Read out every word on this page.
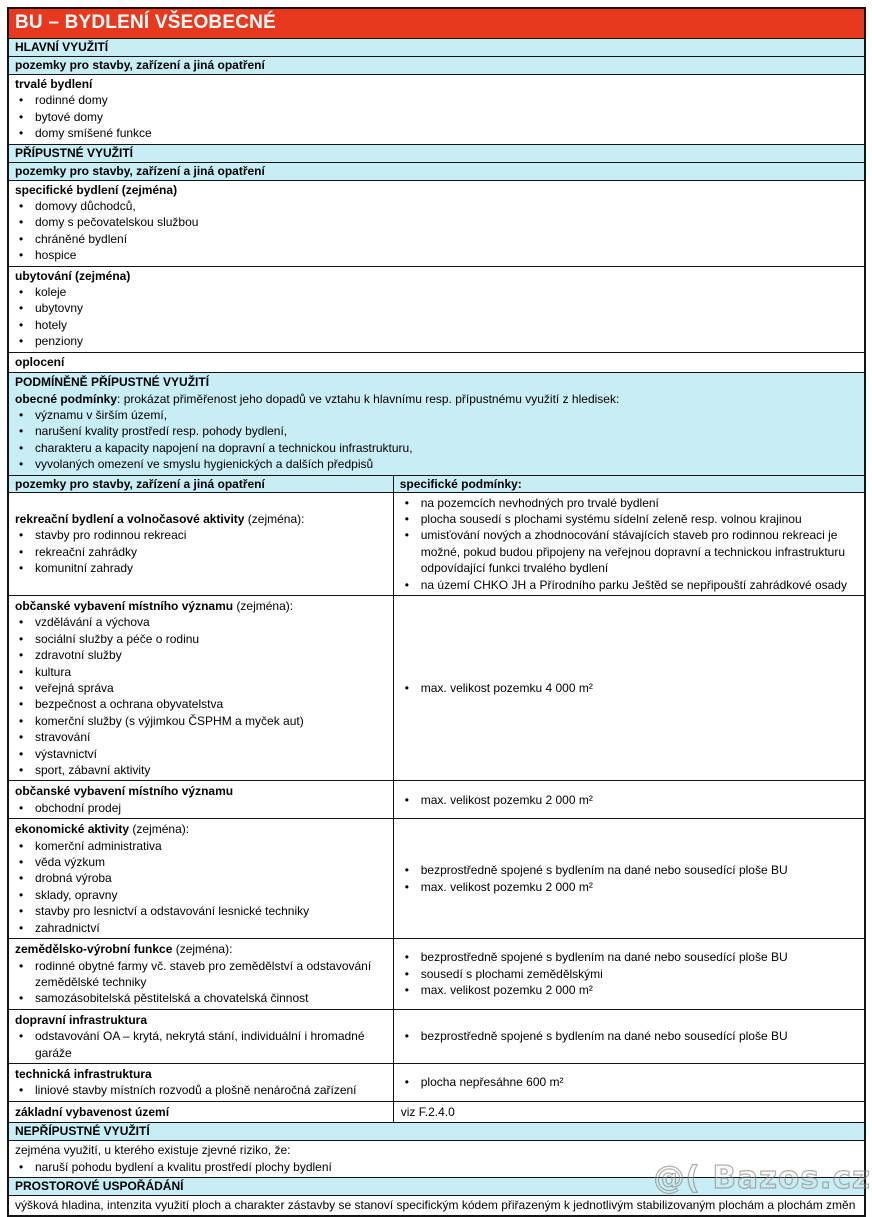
BU – BYDLENÍ VŠEOBECNÉ
HLAVNÍ VYUŽITÍ
pozemky pro stavby, zařízení a jiná opatření
trvalé bydlení
• rodinné domy
• bytové domy
• domy smíšené funkce
PŘÍPUSTNÉ VYUŽITÍ
pozemky pro stavby, zařízení a jiná opatření
specifické bydlení (zejména)
• domovy důchodců,
• domy s pečovatelskou službou
• chráněné bydlení
• hospice
ubytování (zejména)
• koleje
• ubytovny
• hotely
• penziony
oplocení
PODMÍNĚNĚ PŘÍPUSTNÉ VYUŽITÍ
obecné podmínky: prokázat přiměřenost jeho dopadů ve vztahu k hlavnímu resp. přípustnému využití z hledisek:
• významu v širším území,
• narušení kvality prostředí resp. pohody bydlení,
• charakteru a kapacity napojení na dopravní a technickou infrastrukturu,
• vyvolaných omezení ve smyslu hygienických a dalších předpisů
pozemky pro stavby, zařízení a jiná opatření	specifické podmínky:
rekreační bydlení a volnočasové aktivity (zejména):
• stavby pro rodinnou rekreaci
• rekreační zahrádky
• komunitní zahrady
• na pozemcích nevhodných pro trvalé bydlení
• plocha sousedí s plochami systému sídelní zeleně resp. volnou krajinou
• umisťování nových a zhodnocování stávajících staveb pro rodinnou rekreaci je možné, pokud budou připojeny na veřejnou dopravní a technickou infrastrukturu odpovídající funkci trvalého bydlení
• na území CHKO JH a Přírodního parku Ještěd se nepřipouští zahrádkové osady
občanské vybavení místního významu (zejména):
• vzdělávání a výchova
• sociální služby a péče o rodinu
• zdravotní služby
• kultura
• veřejná správa
• bezpečnost a ochrana obyvatelstva
• komerční služby (s výjimkou ČSPHM a myček aut)
• stravování
• výstavnictví
• sport, zábavní aktivity
• max. velikost pozemku 4 000 m²
občanské vybavení místního významu
• obchodní prodej
• max. velikost pozemku 2 000 m²
ekonomické aktivity (zejména):
• komerční administrativa
• věda výzkum
• drobná výroba
• sklady, opravny
• stavby pro lesnictví a odstavování lesnické techniky
• zahradnictví
• bezprostředně spojené s bydlením na dané nebo sousedící ploše BU
• max. velikost pozemku 2 000 m²
zemědělsko-výrobní funkce (zejména):
• rodinné obytné farmy vč. staveb pro zemědělství a odstavování zemědělské techniky
• samozásobitelská pěstitelská a chovatelská činnost
• bezprostředně spojené s bydlením na dané nebo sousedící ploše BU
• sousedí s plochami zemědělskými
• max. velikost pozemku 2 000 m²
dopravní infrastruktura
• odstavování OA – krytá, nekrytá stání, individuální i hromadné garáže
• bezprostředně spojené s bydlením na dané nebo sousedící ploše BU
technická infrastruktura
• liniové stavby místních rozvodů a plošně nenáročná zařízení
• plocha nepřesáhne 600 m²
základní vybavenost území	viz F.2.4.0
NEPŘÍPUSTNÉ VYUŽITÍ
zejména využití, u kterého existuje zjevné riziko, že:
• naruší pohodu bydlení a kvalitu prostředí plochy bydlení
PROSTOROVÉ USPOŘÁDÁNÍ
výšková hladina, intenzita využití ploch a charakter zástavby se stanoví specifickým kódem přiřazeným k jednotlivým stabilizovaným plochám a plochám změn
